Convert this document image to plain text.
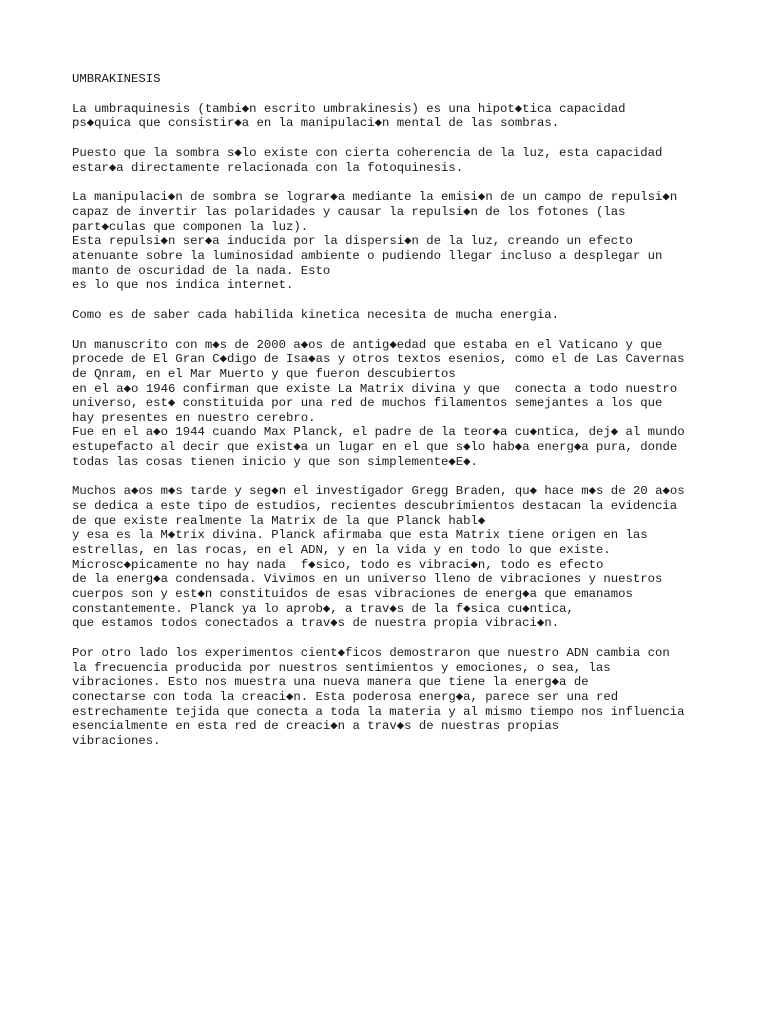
UMBRAKINESIS
La umbraquinesis (tambi◆n escrito umbrakinesis) es una hipot◆tica capacidad
ps◆quica que consistir◆a en la manipulaci◆n mental de las sombras.
Puesto que la sombra s◆lo existe con cierta coherencia de la luz, esta capacidad
estar◆a directamente relacionada con la fotoquinesis.
La manipulaci◆n de sombra se lograr◆a mediante la emisi◆n de un campo de repulsi◆n
capaz de invertir las polaridades y causar la repulsi◆n de los fotones (las
part◆culas que componen la luz).
Esta repulsi◆n ser◆a inducida por la dispersi◆n de la luz, creando un efecto
atenuante sobre la luminosidad ambiente o pudiendo llegar incluso a desplegar un
manto de oscuridad de la nada. Esto
es lo que nos indica internet.
Como es de saber cada habilida kinetica necesita de mucha energia.
Un manuscrito con m◆s de 2000 a◆os de antig◆edad que estaba en el Vaticano y que
procede de El Gran C◆digo de Isa◆as y otros textos esenios, como el de Las Cavernas
de Qnram, en el Mar Muerto y que fueron descubiertos
en el a◆o 1946 confirman que existe La Matrix divina y que  conecta a todo nuestro
universo, est◆ constituida por una red de muchos filamentos semejantes a los que
hay presentes en nuestro cerebro.
Fue en el a◆o 1944 cuando Max Planck, el padre de la teor◆a cu◆ntica, dej◆ al mundo
estupefacto al decir que exist◆a un lugar en el que s◆lo hab◆a energ◆a pura, donde
todas las cosas tienen inicio y que son simplemente◆E◆.
Muchos a◆os m◆s tarde y seg◆n el investigador Gregg Braden, qu◆ hace m◆s de 20 a◆os
se dedica a este tipo de estudios, recientes descubrimientos destacan la evidencia
de que existe realmente la Matrix de la que Planck habl◆
y esa es la M◆trix divina. Planck afirmaba que esta Matrix tiene origen en las
estrellas, en las rocas, en el ADN, y en la vida y en todo lo que existe.
Microsc◆picamente no hay nada  f◆sico, todo es vibraci◆n, todo es efecto
de la energ◆a condensada. Vivimos en un universo lleno de vibraciones y nuestros
cuerpos son y est◆n constituidos de esas vibraciones de energ◆a que emanamos
constantemente. Planck ya lo aprob◆, a trav◆s de la f◆sica cu◆ntica,
que estamos todos conectados a trav◆s de nuestra propia vibraci◆n.
Por otro lado los experimentos cient◆ficos demostraron que nuestro ADN cambia con
la frecuencia producida por nuestros sentimientos y emociones, o sea, las
vibraciones. Esto nos muestra una nueva manera que tiene la energ◆a de
conectarse con toda la creaci◆n. Esta poderosa energ◆a, parece ser una red
estrechamente tejida que conecta a toda la materia y al mismo tiempo nos influencia
esencialmente en esta red de creaci◆n a trav◆s de nuestras propias
vibraciones.
